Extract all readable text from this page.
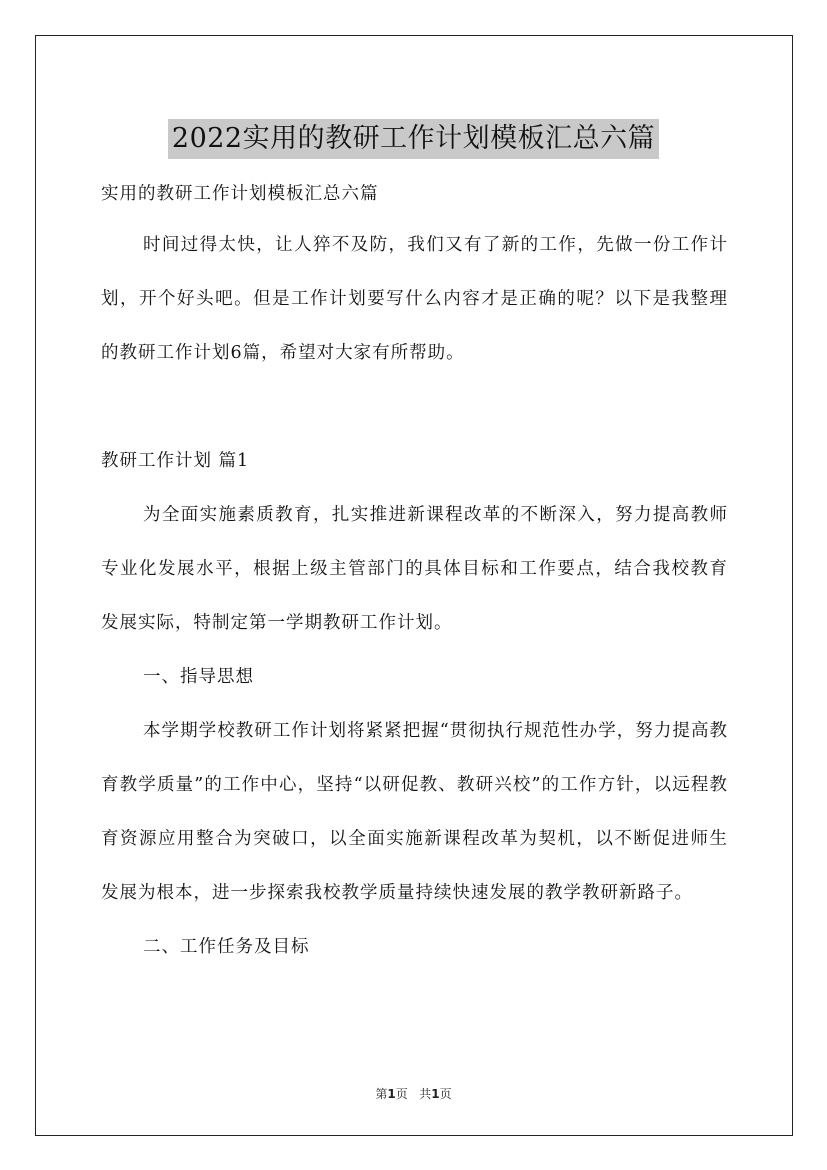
2022实用的教研工作计划模板汇总六篇

实用的教研工作计划模板汇总六篇

时间过得太快，让人猝不及防，我们又有了新的工作，先做一份工作计划，开个好头吧。但是工作计划要写什么内容才是正确的呢？以下是我整理的教研工作计划6篇，希望对大家有所帮助。

教研工作计划 篇1

为全面实施素质教育，扎实推进新课程改革的不断深入，努力提高教师专业化发展水平，根据上级主管部门的具体目标和工作要点，结合我校教育发展实际，特制定第一学期教研工作计划。

一、指导思想

本学期学校教研工作计划将紧紧把握“贯彻执行规范性办学，努力提高教育教学质量”的工作中心，坚持“以研促教、教研兴校”的工作方针，以远程教育资源应用整合为突破口，以全面实施新课程改革为契机，以不断促进师生发展为根本，进一步探索我校教学质量持续快速发展的教学教研新路子。

二、工作任务及目标

第1页   共1页
